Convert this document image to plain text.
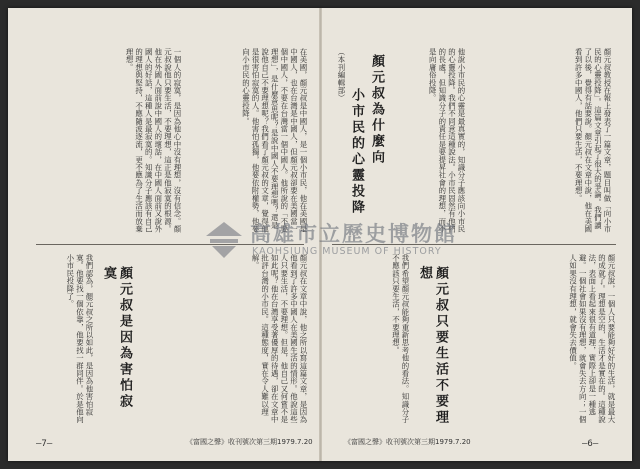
在美國，顏元叔是中國人，是一個小市民，他在美國是中國人，也在台灣是中國人，但顏元叔卻要在美國當一個中國人，不要在台灣當一個中國人。他所說的「不要理想」，是什麼意思呢？是說中國人不要理想嗎？還是說他自己不要理想呢？我們看了顏元叔的文章，覺得他是很害怕寂寞的人。他害怕孤獨，他要依附權勢，他要向小市民的心靈投降。
一個人的寂寞，是因為他心中沒有理想，沒有信念。顏元叔說他只要生活，不要理想，這正是他寂寞的根源。他在外國人面前說中國人的壞話，在中國人面前又說外國人的好話，這種人是最寂寞的。知識分子應該有自己的理想與堅持，不應隨波逐流，更不應為了生活而放棄理想。
顏元叔在文章中說，他之所以寫這篇文章，是因為他看到了許多中國人在美國生活的情形。他說這些人只要生活，不要理想。但是，他自己又何嘗不是如此呢？他在台灣享受著優厚的待遇，卻在文章中批評台灣的小市民。這種態度，實在令人難以理解。
顏元叔是因為害怕寂寞
我們認為，顏元叔之所以如此，是因為他害怕寂寞。他要找一個依靠，他要找一群同伴。於是他向小市民投降了。
—7—	《富國之聲》收刊號次第三期1979.7.20
顏元叔教授在報上發表了一篇文章，題目叫做「向小市民的心靈投降」。這篇文章引起了很大的爭論。我們讀了以後，覺得有話要說。顏元叔在文章中說，他在美國看到許多中國人，他們只要生活，不要理想。
顏元叔為什麼向
小市民的心靈投降	他說小市民的心靈是最真實的，知識分子應該向小市民的心靈投降。我們不同意這種說法。小市民固然有他們的長處，但知識分子的責任是要提昇社會的理想，而不是向庸俗投降。
（本刊編輯部）
顏元叔說，一個人只要能夠好好的生活，就是最大的成就了。理想是空的，生活才是實在的。這種說法，表面上看起來很有道理，實際上卻是一種逃避。一個社會如果沒有理想，就會失去方向；一個人如果沒有理想，就會失去價值。
顏元叔只要生活不要理想
我們希望顏元叔能夠重新思考他的看法。知識分子不應該只要生活，不要理想。
《富國之聲》收刊號次第三期1979.7.20	—6—
高雄市立歷史博物館
KAOHSIUNG MUSEUM OF HISTORY
